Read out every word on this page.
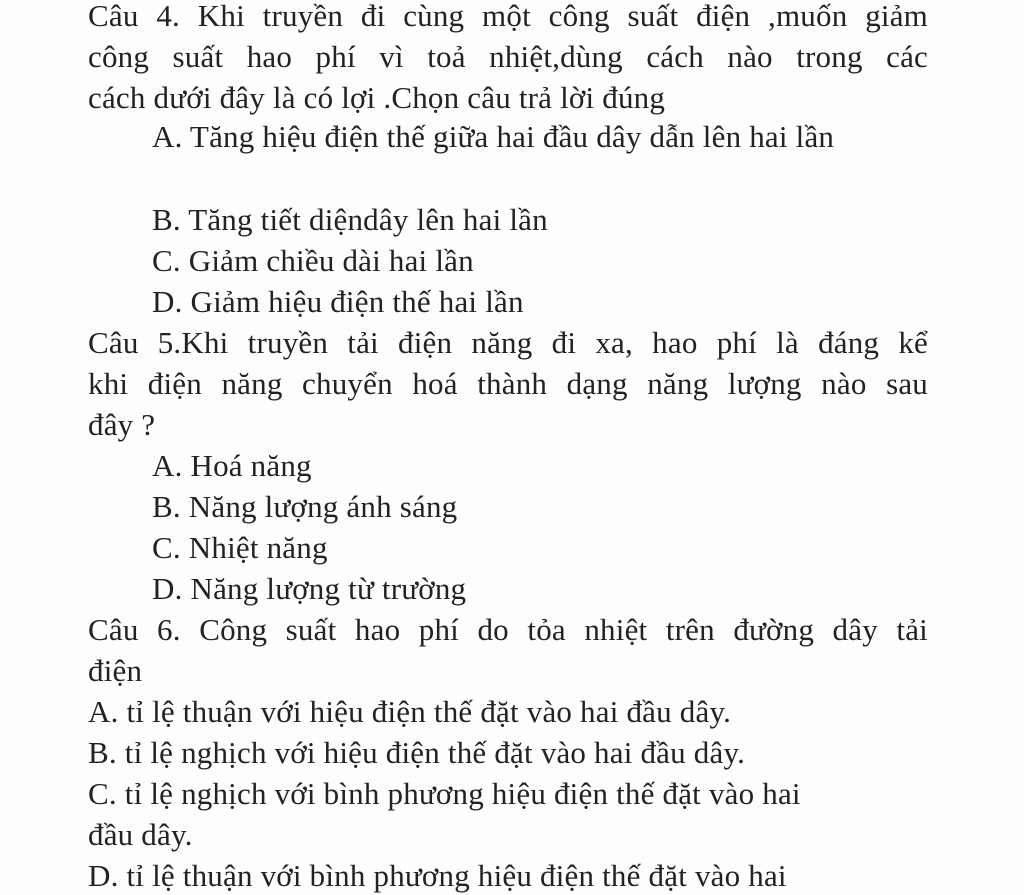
Câu 4. Khi truyền đi cùng một công suất điện ,muốn giảm
công suất hao phí vì toả nhiệt,dùng cách nào trong các
cách dưới đây là có lợi .Chọn câu trả lời đúng
A. Tăng hiệu điện thế giữa hai đầu dây dẫn lên hai lần
B. Tăng tiết diệndây lên hai lần
C. Giảm chiều dài hai lần
D. Giảm hiệu điện thế hai lần
Câu 5.Khi truyền tải điện năng đi xa, hao phí là đáng kể
khi điện năng chuyển hoá thành dạng năng lượng nào sau
đây ?
A. Hoá năng
B. Năng lượng ánh sáng
C. Nhiệt năng
D. Năng lượng từ trường
Câu 6. Công suất hao phí do tỏa nhiệt trên đường dây tải
điện
A. tỉ lệ thuận với hiệu điện thế đặt vào hai đầu dây.
B. tỉ lệ nghịch với hiệu điện thế đặt vào hai đầu dây.
C. tỉ lệ nghịch với bình phương hiệu điện thế đặt vào hai
đầu dây.
D. tỉ lệ thuận với bình phương hiệu điện thế đặt vào hai
